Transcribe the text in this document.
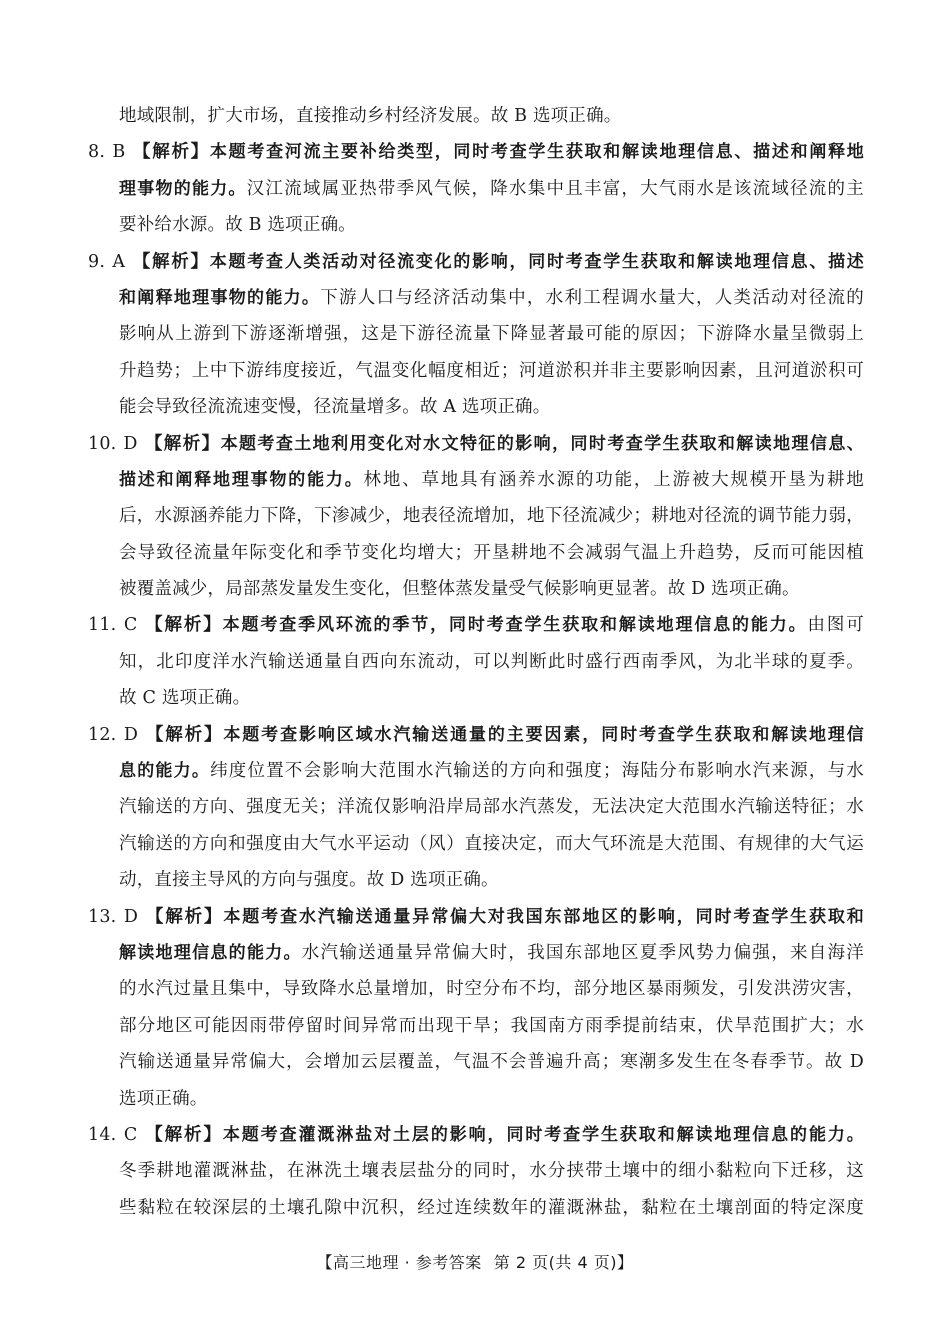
地域限制，扩大市场，直接推动乡村经济发展。故 B 选项正确。
8. B 【解析】本题考查河流主要补给类型，同时考查学生获取和解读地理信息、描述和阐释地
理事物的能力。汉江流域属亚热带季风气候，降水集中且丰富，大气雨水是该流域径流的主
要补给水源。故 B 选项正确。
9. A 【解析】本题考查人类活动对径流变化的影响，同时考查学生获取和解读地理信息、描述
和阐释地理事物的能力。下游人口与经济活动集中，水利工程调水量大，人类活动对径流的
影响从上游到下游逐渐增强，这是下游径流量下降显著最可能的原因；下游降水量呈微弱上
升趋势；上中下游纬度接近，气温变化幅度相近；河道淤积并非主要影响因素，且河道淤积可
能会导致径流流速变慢，径流量增多。故 A 选项正确。
10. D 【解析】本题考查土地利用变化对水文特征的影响，同时考查学生获取和解读地理信息、
描述和阐释地理事物的能力。林地、草地具有涵养水源的功能，上游被大规模开垦为耕地
后，水源涵养能力下降，下渗减少，地表径流增加，地下径流减少；耕地对径流的调节能力弱，
会导致径流量年际变化和季节变化均增大；开垦耕地不会减弱气温上升趋势，反而可能因植
被覆盖减少，局部蒸发量发生变化，但整体蒸发量受气候影响更显著。故 D 选项正确。
11. C 【解析】本题考查季风环流的季节，同时考查学生获取和解读地理信息的能力。由图可
知，北印度洋水汽输送通量自西向东流动，可以判断此时盛行西南季风，为北半球的夏季。
故 C 选项正确。
12. D 【解析】本题考查影响区域水汽输送通量的主要因素，同时考查学生获取和解读地理信
息的能力。纬度位置不会影响大范围水汽输送的方向和强度；海陆分布影响水汽来源，与水
汽输送的方向、强度无关；洋流仅影响沿岸局部水汽蒸发，无法决定大范围水汽输送特征；水
汽输送的方向和强度由大气水平运动（风）直接决定，而大气环流是大范围、有规律的大气运
动，直接主导风的方向与强度。故 D 选项正确。
13. D 【解析】本题考查水汽输送通量异常偏大对我国东部地区的影响，同时考查学生获取和
解读地理信息的能力。水汽输送通量异常偏大时，我国东部地区夏季风势力偏强，来自海洋
的水汽过量且集中，导致降水总量增加，时空分布不均，部分地区暴雨频发，引发洪涝灾害，
部分地区可能因雨带停留时间异常而出现干旱；我国南方雨季提前结束，伏旱范围扩大；水
汽输送通量异常偏大，会增加云层覆盖，气温不会普遍升高；寒潮多发生在冬春季节。故 D
选项正确。
14. C 【解析】本题考查灌溉淋盐对土层的影响，同时考查学生获取和解读地理信息的能力。
冬季耕地灌溉淋盐，在淋洗土壤表层盐分的同时，水分挟带土壤中的细小黏粒向下迁移，这
些黏粒在较深层的土壤孔隙中沉积，经过连续数年的灌溉淋盐，黏粒在土壤剖面的特定深度
【高三地理 · 参考答案 第 2 页(共 4 页)】
